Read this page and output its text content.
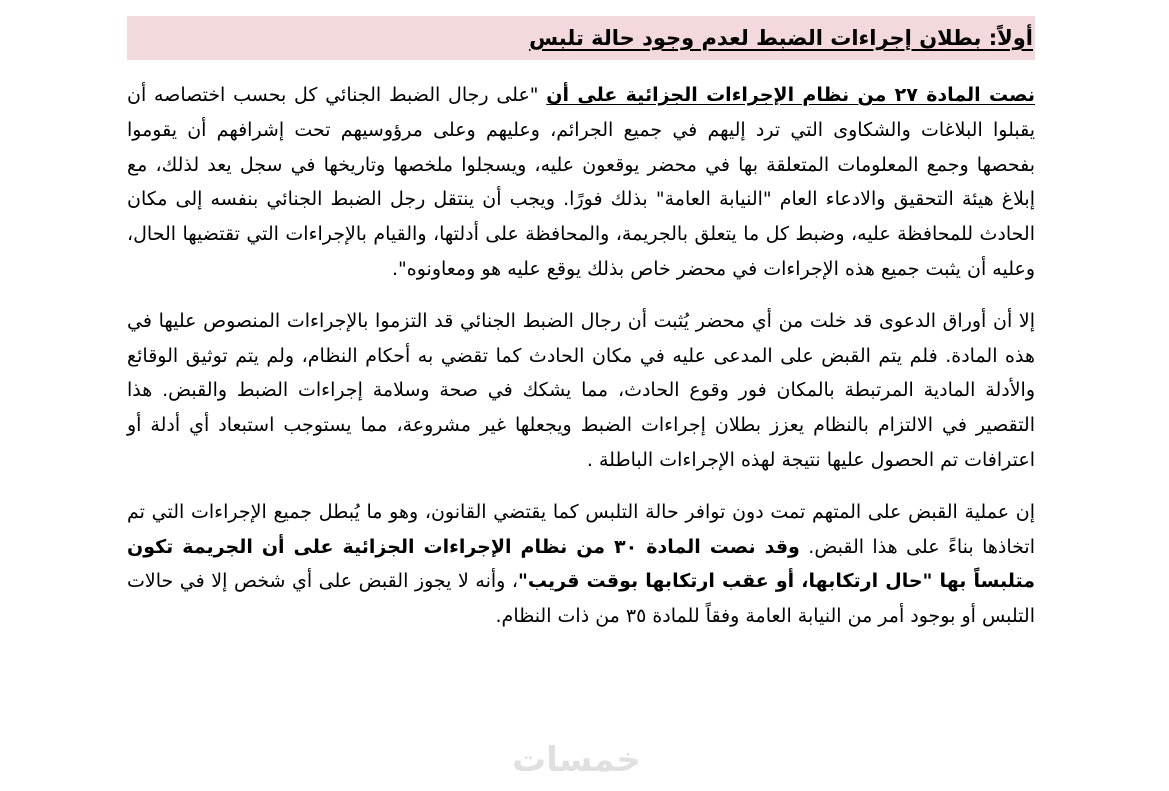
أولاً: بطلان إجراءات الضبط لعدم وجود حالة تلبس

نصت المادة ٢٧ من نظام الإجراءات الجزائية على أن "على رجال الضبط الجنائي كل بحسب اختصاصه أن يقبلوا البلاغات والشكاوى التي ترد إليهم في جميع الجرائم، وعليهم وعلى مرؤوسيهم تحت إشرافهم أن يقوموا بفحصها وجمع المعلومات المتعلقة بها في محضر يوقعون عليه، ويسجلوا ملخصها وتاريخها في سجل يعد لذلك، مع إبلاغ هيئة التحقيق والادعاء العام "النيابة العامة" بذلك فورًا. ويجب أن ينتقل رجل الضبط الجنائي بنفسه إلى مكان الحادث للمحافظة عليه، وضبط كل ما يتعلق بالجريمة، والمحافظة على أدلتها، والقيام بالإجراءات التي تقتضيها الحال، وعليه أن يثبت جميع هذه الإجراءات في محضر خاص بذلك يوقع عليه هو ومعاونوه".

إلا أن أوراق الدعوى قد خلت من أي محضر يُثبت أن رجال الضبط الجنائي قد التزموا بالإجراءات المنصوص عليها في هذه المادة. فلم يتم القبض على المدعى عليه في مكان الحادث كما تقضي به أحكام النظام، ولم يتم توثيق الوقائع والأدلة المادية المرتبطة بالمكان فور وقوع الحادث، مما يشكك في صحة وسلامة إجراءات الضبط والقبض. هذا التقصير في الالتزام بالنظام يعزز بطلان إجراءات الضبط ويجعلها غير مشروعة، مما يستوجب استبعاد أي أدلة أو اعترافات تم الحصول عليها نتيجة لهذه الإجراءات الباطلة .

إن عملية القبض على المتهم تمت دون توافر حالة التلبس كما يقتضي القانون، وهو ما يُبطل جميع الإجراءات التي تم اتخاذها بناءً على هذا القبض. وقد نصت المادة ٣٠ من نظام الإجراءات الجزائية على أن الجريمة تكون متلبساً بها "حال ارتكابها، أو عقب ارتكابها بوقت قريب"، وأنه لا يجوز القبض على أي شخص إلا في حالات التلبس أو بوجود أمر من النيابة العامة وفقاً للمادة ٣٥ من ذات النظام.

خمسات
